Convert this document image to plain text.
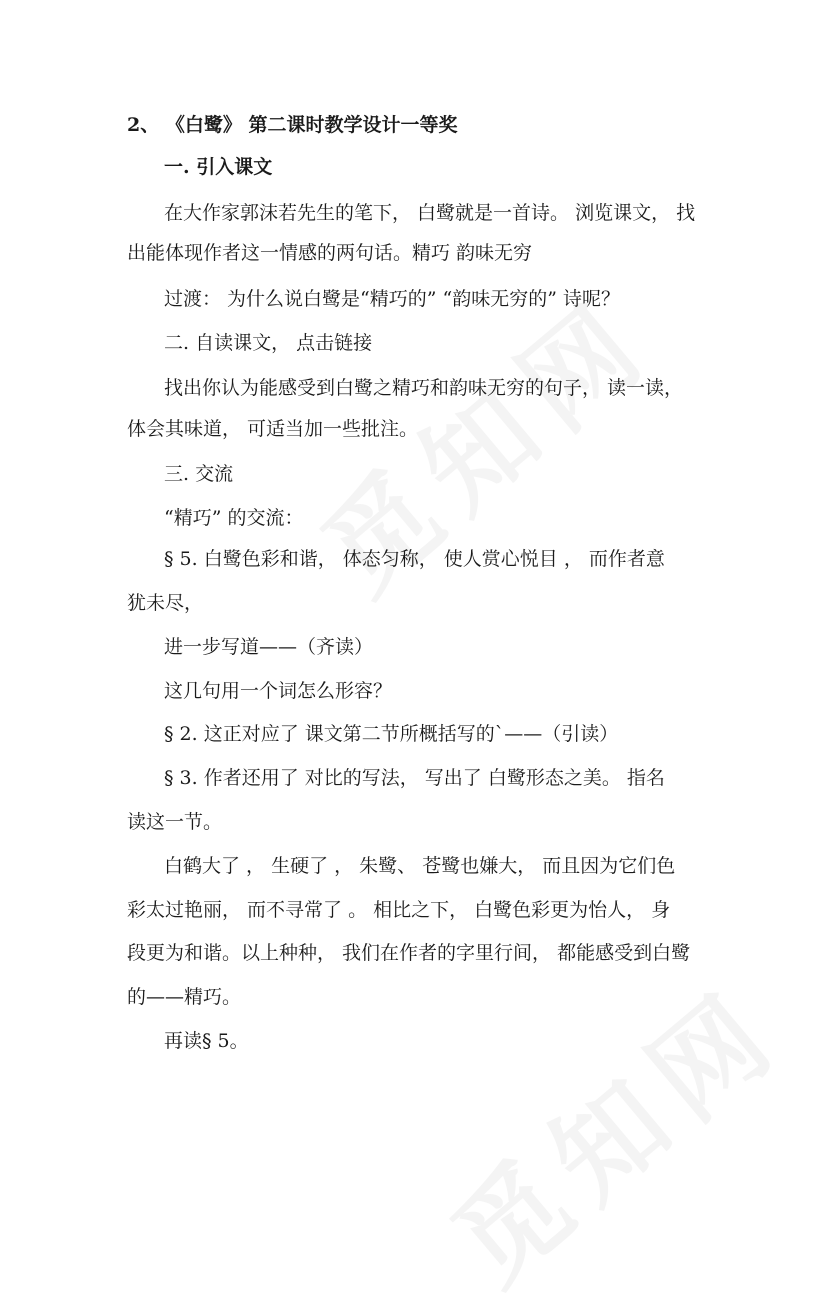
2、 《白鹭》 第二课时教学设计一等奖
一. 引入课文
在大作家郭沫若先生的笔下， 白鹭就是一首诗。 浏览课文， 找
出能体现作者这一情感的两句话。精巧 韵味无穷
过渡： 为什么说白鹭是“精巧的” “韵味无穷的” 诗呢？
二. 自读课文， 点击链接
找出你认为能感受到白鹭之精巧和韵味无穷的句子， 读一读，
体会其味道， 可适当加一些批注。
三. 交流
“精巧” 的交流：
§ 5. 白鹭色彩和谐， 体态匀称， 使人赏心悦目 ， 而作者意
犹未尽，
进一步写道——（齐读）
这几句用一个词怎么形容？
§ 2. 这正对应了 课文第二节所概括写的`——（引读）
§ 3. 作者还用了 对比的写法， 写出了 白鹭形态之美。 指名
读这一节。
白鹤大了 ， 生硬了 ， 朱鹭、 苍鹭也嫌大， 而且因为它们色
彩太过艳丽， 而不寻常了 。 相比之下， 白鹭色彩更为怡人， 身
段更为和谐。以上种种， 我们在作者的字里行间， 都能感受到白鹭
的——精巧。
再读§ 5。
